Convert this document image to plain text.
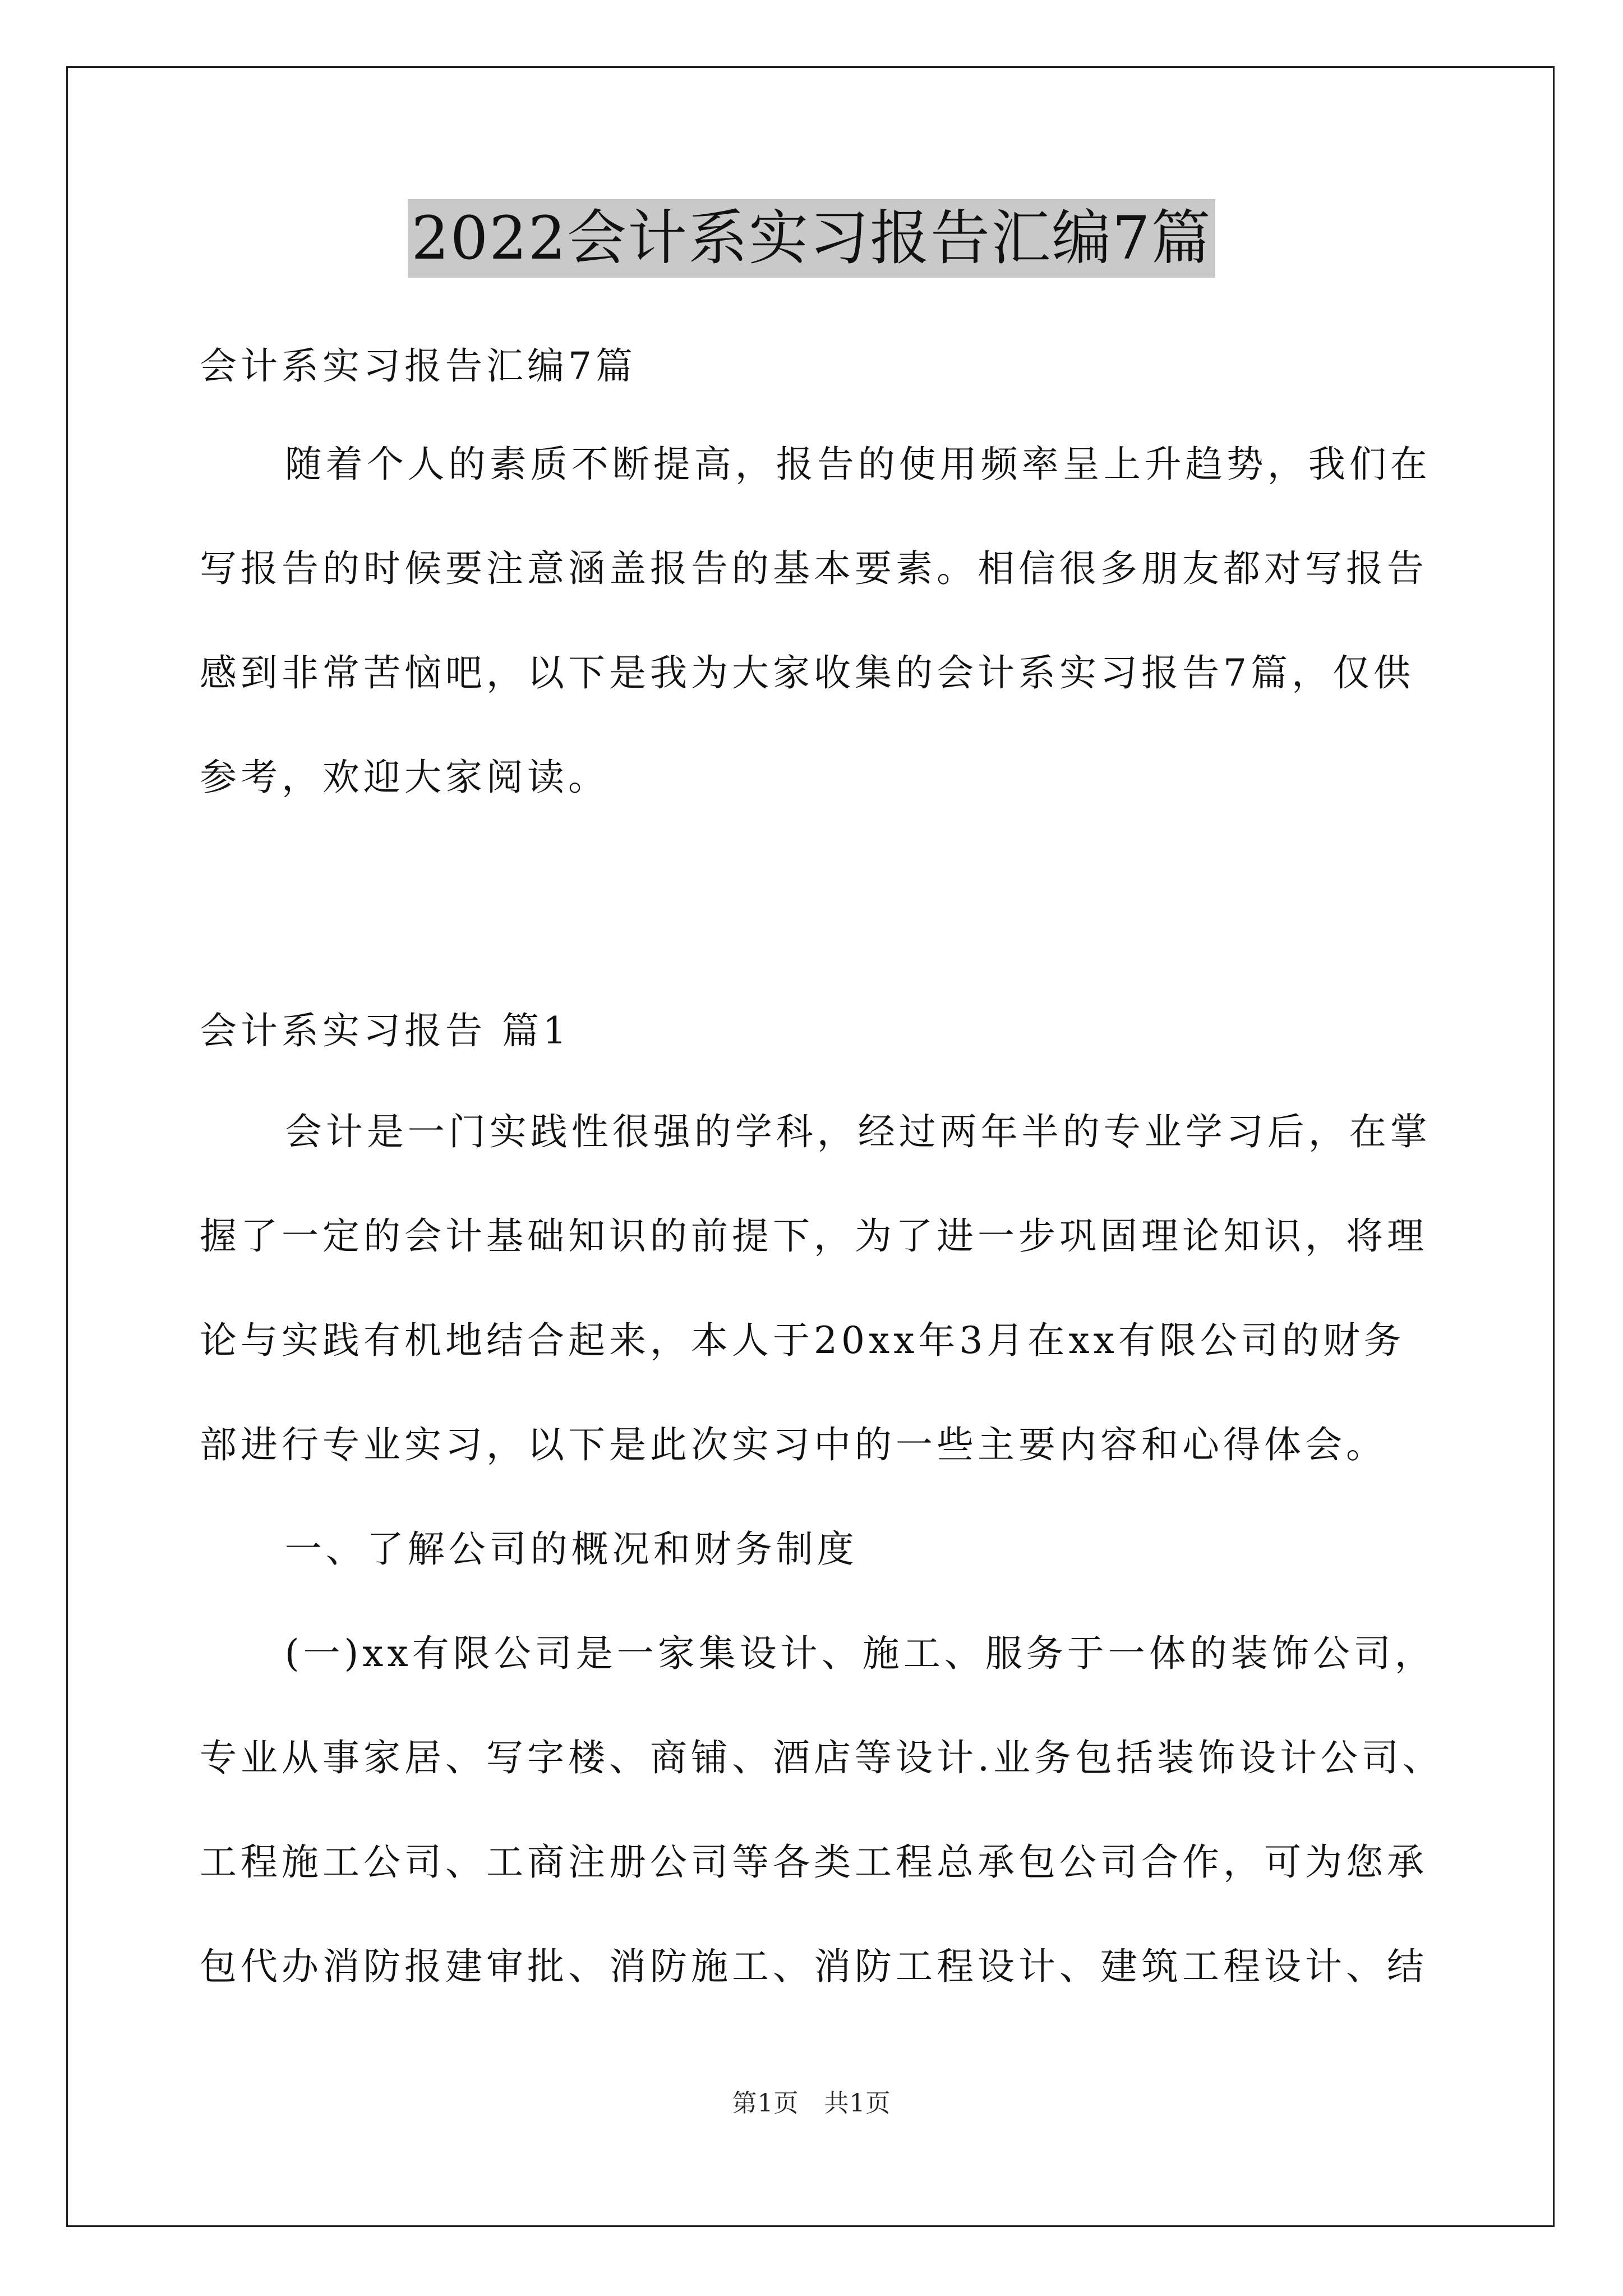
2022会计系实习报告汇编7篇
会计系实习报告汇编7篇
随着个人的素质不断提高，报告的使用频率呈上升趋势，我们在
写报告的时候要注意涵盖报告的基本要素。相信很多朋友都对写报告
感到非常苦恼吧，以下是我为大家收集的会计系实习报告7篇，仅供
参考，欢迎大家阅读。
会计系实习报告 篇1
会计是一门实践性很强的学科，经过两年半的专业学习后，在掌
握了一定的会计基础知识的前提下，为了进一步巩固理论知识，将理
论与实践有机地结合起来，本人于20xx年3月在xx有限公司的财务
部进行专业实习，以下是此次实习中的一些主要内容和心得体会。
一、了解公司的概况和财务制度
(一)xx有限公司是一家集设计、施工、服务于一体的装饰公司，
专业从事家居、写字楼、商铺、酒店等设计.业务包括装饰设计公司、
工程施工公司、工商注册公司等各类工程总承包公司合作，可为您承
包代办消防报建审批、消防施工、消防工程设计、建筑工程设计、结
第1页　共1页
